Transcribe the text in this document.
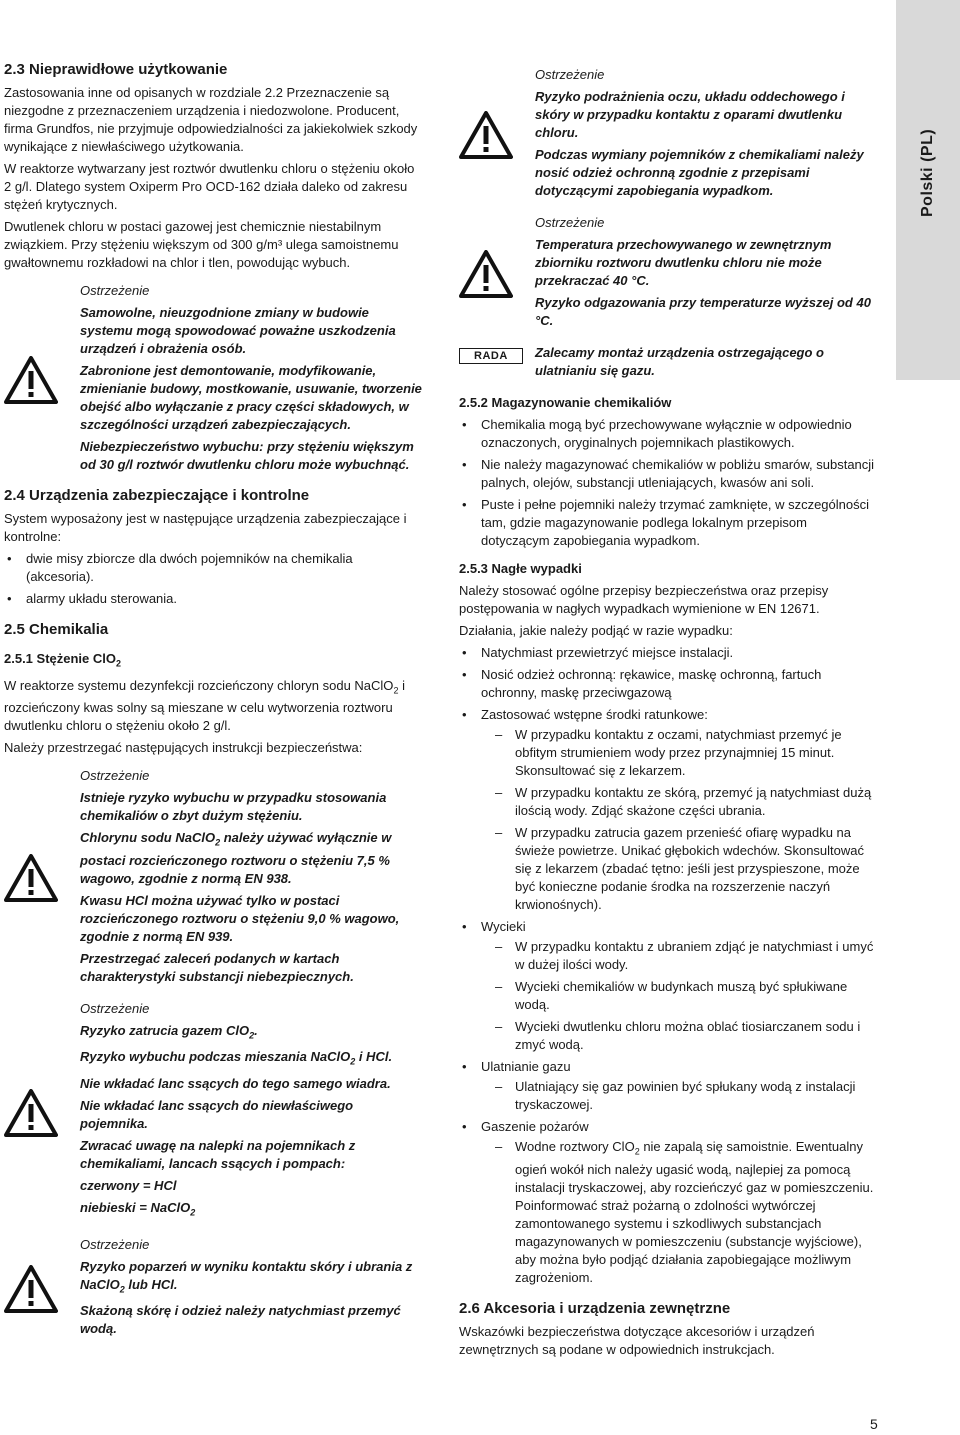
Polski (PL)
2.3 Nieprawidłowe użytkowanie

Zastosowania inne od opisanych w rozdziale 2.2 Przeznaczenie są niezgodne z przeznaczeniem urządzenia i niedozwolone. Producent, firma Grundfos, nie przyjmuje odpowiedzialności za jakiekolwiek szkody wynikające z niewłaściwego użytkowania.

W reaktorze wytwarzany jest roztwór dwutlenku chloru o stężeniu około 2 g/l. Dlatego system Oxiperm Pro OCD-162 działa daleko od zakresu stężeń krytycznych.

Dwutlenek chloru w postaci gazowej jest chemicznie niestabilnym związkiem. Przy stężeniu większym od 300 g/m³ ulega samoistnemu gwałtownemu rozkładowi na chlor i tlen, powodując wybuch.

Ostrzeżenie

Samowolne, nieuzgodnione zmiany w budowie systemu mogą spowodować poważne uszkodzenia urządzeń i obrażenia osób.

Zabronione jest demontowanie, modyfikowanie, zmienianie budowy, mostkowanie, usuwanie, tworzenie obejść albo wyłączanie z pracy części składowych, w szczególności urządzeń zabezpieczających.

Niebezpieczeństwo wybuchu: przy stężeniu większym od 30 g/l roztwór dwutlenku chloru może wybuchnąć.

2.4 Urządzenia zabezpieczające i kontrolne

System wyposażony jest w następujące urządzenia zabezpieczające i kontrolne:

• dwie misy zbiorcze dla dwóch pojemników na chemikalia (akcesoria).
• alarmy układu sterowania.
2.5 Chemikalia
2.5.1 Stężenie ClO$_2$

W reaktorze systemu dezynfekcji rozcieńczony chloryn sodu NaClO$_2$ i rozcieńczony kwas solny są mieszane w celu wytworzenia roztworu dwutlenku chloru o stężeniu około 2 g/l.

Należy przestrzegać następujących instrukcji bezpieczeństwa:

Ostrzeżenie

Istnieje ryzyko wybuchu w przypadku stosowania chemikaliów o zbyt dużym stężeniu.

Chlorynu sodu NaClO$_2$ należy używać wyłącznie w postaci rozcieńczonego roztworu o stężeniu 7,5 % wagowo, zgodnie z normą EN 938.

Kwasu HCl można używać tylko w postaci rozcieńczonego roztworu o stężeniu 9,0 % wagowo, zgodnie z normą EN 939.

Przestrzegać zaleceń podanych w kartach charakterystyki substancji niebezpiecznych.

Ostrzeżenie

Ryzyko zatrucia gazem ClO$_2$.

Ryzyko wybuchu podczas mieszania NaClO$_2$ i HCl.

Nie wkładać lanc ssących do tego samego wiadra.

Nie wkładać lanc ssących do niewłaściwego pojemnika.

Zwracać uwagę na nalepki na pojemnikach z chemikaliami, lancach ssących i pompach:

czerwony = HCl

niebieski = NaClO$_2$

Ostrzeżenie

Ryzyko poparzeń w wyniku kontaktu skóry i ubrania z NaClO$_2$ lub HCl.

Skażoną skórę i odzież należy natychmiast przemyć wodą.

Ostrzeżenie

Ryzyko podrażnienia oczu, układu oddechowego i skóry w przypadku kontaktu z oparami dwutlenku chloru.

Podczas wymiany pojemników z chemikaliami należy nosić odzież ochronną zgodnie z przepisami dotyczącymi zapobiegania wypadkom.

Ostrzeżenie

Temperatura przechowywanego w zewnętrznym zbiorniku roztworu dwutlenku chloru nie może przekraczać 40 °C.

Ryzyko odgazowania przy temperaturze wyższej od 40 °C.

RADA	Zalecamy montaż urządzenia ostrzegającego o ulatnianiu się gazu.

2.5.2 Magazynowanie chemikaliów
• Chemikalia mogą być przechowywane wyłącznie w odpowiednio oznaczonych, oryginalnych pojemnikach plastikowych.
• Nie należy magazynować chemikaliów w pobliżu smarów, substancji palnych, olejów, substancji utleniających, kwasów ani soli.
• Puste i pełne pojemniki należy trzymać zamknięte, w szczególności tam, gdzie magazynowanie podlega lokalnym przepisom dotyczącym zapobiegania wypadkom.
2.5.3 Nagłe wypadki

Należy stosować ogólne przepisy bezpieczeństwa oraz przepisy postępowania w nagłych wypadkach wymienione w EN 12671.

Działania, jakie należy podjąć w razie wypadku:

• Natychmiast przewietrzyć miejsce instalacji.
• Nosić odzież ochronną: rękawice, maskę ochronną, fartuch ochronny, maskę przeciwgazową
• Zastosować wstępne środki ratunkowe:
– W przypadku kontaktu z oczami, natychmiast przemyć je obfitym strumieniem wody przez przynajmniej 15 minut. Skonsultować się z lekarzem.
– W przypadku kontaktu ze skórą, przemyć ją natychmiast dużą ilością wody. Zdjąć skażone części ubrania.
– W przypadku zatrucia gazem przenieść ofiarę wypadku na świeże powietrze. Unikać głębokich wdechów. Skonsultować się z lekarzem (zbadać tętno: jeśli jest przyspieszone, może być konieczne podanie środka na rozszerzenie naczyń krwionośnych).
• Wycieki
– W przypadku kontaktu z ubraniem zdjąć je natychmiast i umyć w dużej ilości wody.
– Wycieki chemikaliów w budynkach muszą być spłukiwane wodą.
– Wycieki dwutlenku chloru można oblać tiosiarczanem sodu i zmyć wodą.
• Ulatnianie gazu
– Ulatniający się gaz powinien być spłukany wodą z instalacji tryskaczowej.
• Gaszenie pożarów
– Wodne roztwory ClO$_2$ nie zapalą się samoistnie. Ewentualny ogień wokół nich należy ugasić wodą, najlepiej za pomocą instalacji tryskaczowej, aby rozcieńczyć gaz w pomieszczeniu. Poinformować straż pożarną o zdolności wytwórczej zamontowanego systemu i szkodliwych substancjach magazynowanych w pomieszczeniu (substancje wyjściowe), aby można było podjąć działania zapobiegające możliwym zagrożeniom.
2.6 Akcesoria i urządzenia zewnętrzne

Wskazówki bezpieczeństwa dotyczące akcesoriów i urządzeń zewnętrznych są podane w odpowiednich instrukcjach.

5
